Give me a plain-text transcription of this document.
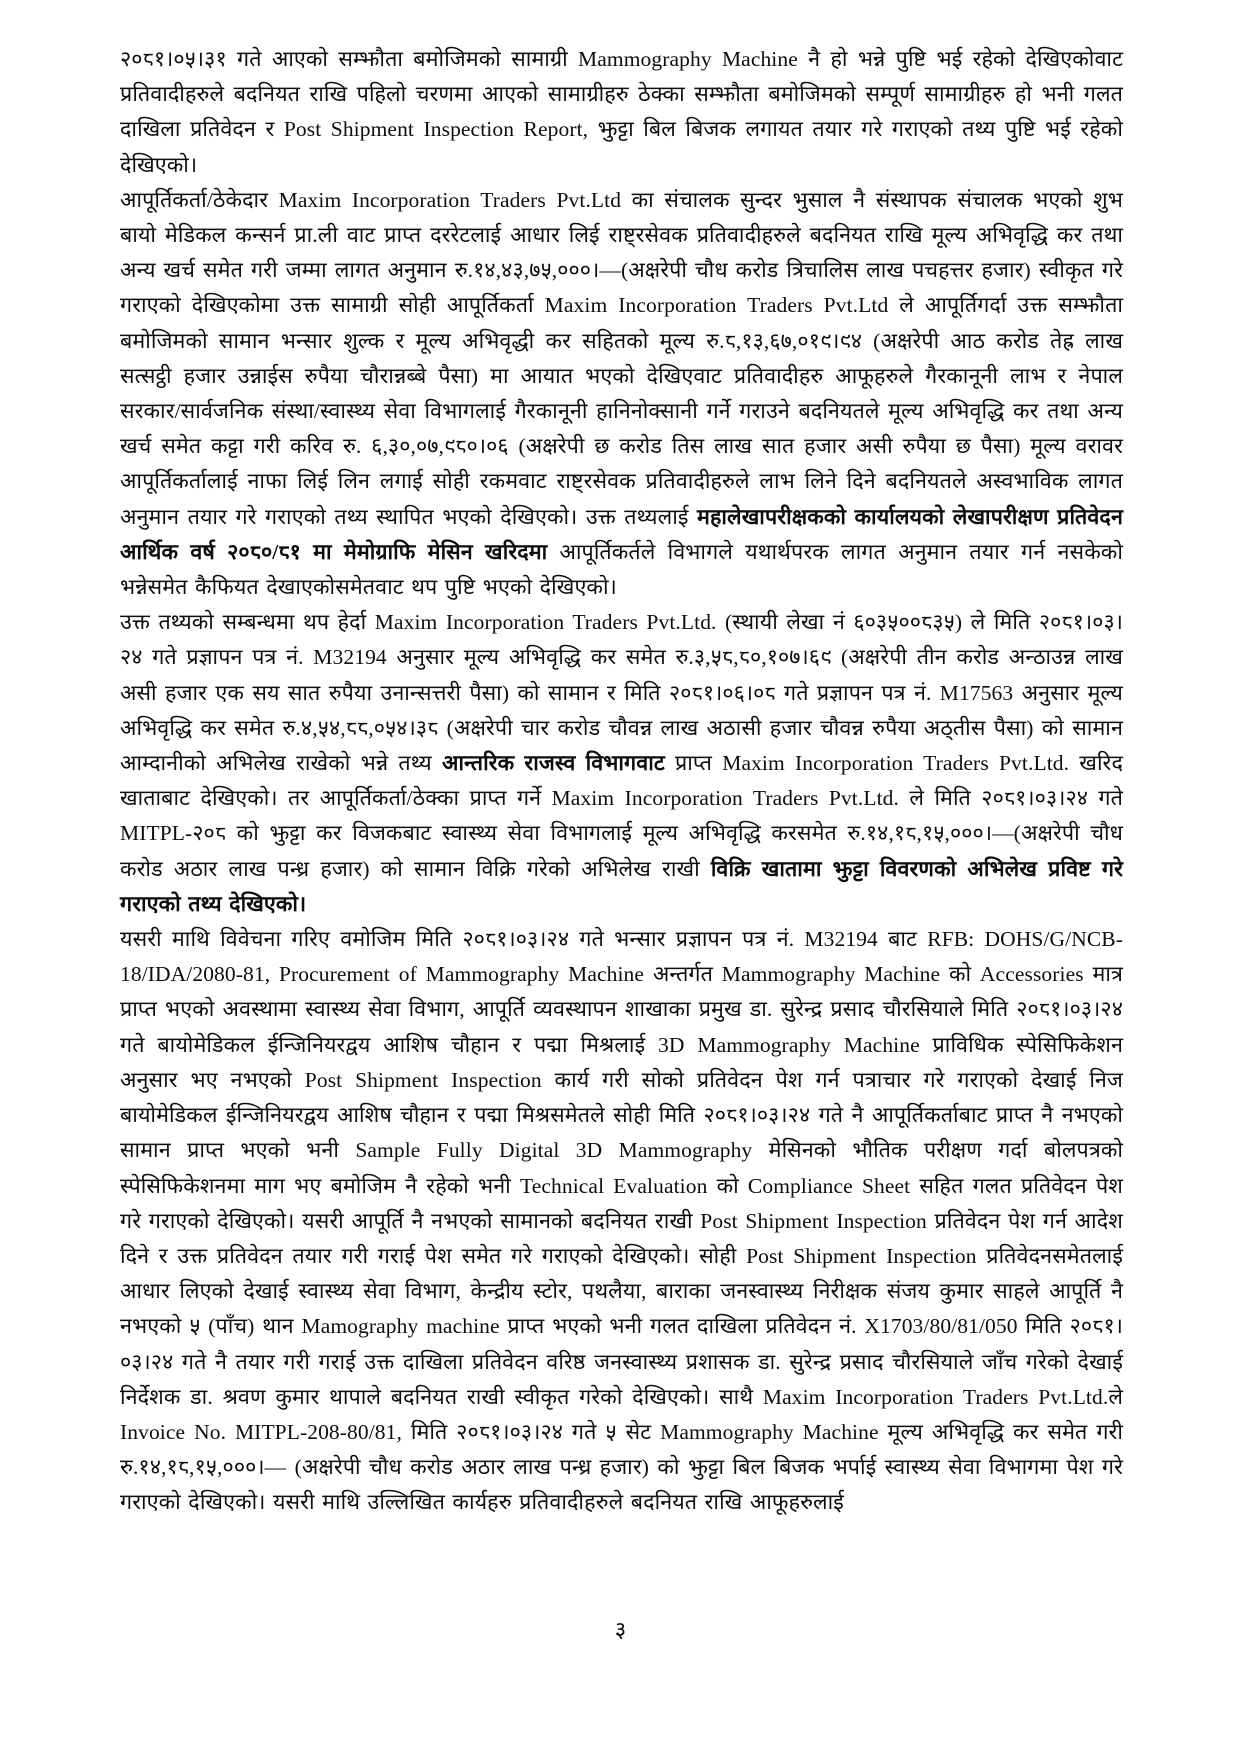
२०८१।०५।३१ गते आएको सम्झौता बमोजिमको सामाग्री Mammography Machine नै हो भन्ने पुष्टि भई रहेको देखिएकोवाट प्रतिवादीहरुले बदनियत राखि पहिलो चरणमा आएको सामाग्रीहरु ठेक्का सम्झौता बमोजिमको सम्पूर्ण सामाग्रीहरु हो भनी गलत दाखिला प्रतिवेदन र Post Shipment Inspection Report, झुट्टा बिल बिजक लगायत तयार गरे गराएको तथ्य पुष्टि भई रहेको देखिएको।

आपूर्तिकर्ता/ठेकेदार Maxim Incorporation Traders Pvt.Ltd का संचालक सुन्दर भुसाल नै संस्थापक संचालक भएको शुभ बायो मेडिकल कन्सर्न प्रा.ली वाट प्राप्त दररेटलाई आधार लिई राष्ट्रसेवक प्रतिवादीहरुले बदनियत राखि मूल्य अभिवृद्धि कर तथा अन्य खर्च समेत गरी जम्मा लागत अनुमान रु.१४,४३,७५,०००।—(अक्षरेपी चौध करोड त्रिचालिस लाख पचहत्तर हजार) स्वीकृत गरे गराएको देखिएकोमा उक्त सामाग्री सोही आपूर्तिकर्ता Maxim Incorporation Traders Pvt.Ltd ले आपूर्तिगर्दा उक्त सम्झौता बमोजिमको सामान भन्सार शुल्क र मूल्य अभिवृद्धी कर सहितको मूल्य रु.८,१३,६७,०१९।९४ (अक्षरेपी आठ करोड तेह्र लाख सत्सट्ठी हजार उन्नाईस रुपैया चौरान्नब्बे पैसा) मा आयात भएको देखिएवाट प्रतिवादीहरु आफूहरुले गैरकानूनी लाभ र नेपाल सरकार/सार्वजनिक संस्था/स्वास्थ्य सेवा विभागलाई गैरकानूनी हानिनोक्सानी गर्ने गराउने बदनियतले मूल्य अभिवृद्धि कर तथा अन्य खर्च समेत कट्टा गरी करिव रु. ६,३०,०७,९८०।०६ (अक्षरेपी छ करोड तिस लाख सात हजार असी रुपैया छ पैसा) मूल्य वरावर आपूर्तिकर्तालाई नाफा लिई लिन लगाई सोही रकमवाट राष्ट्रसेवक प्रतिवादीहरुले लाभ लिने दिने बदनियतले अस्वभाविक लागत अनुमान तयार गरे गराएको तथ्य स्थापित भएको देखिएको। उक्त तथ्यलाई महालेखापरीक्षकको कार्यालयको लेखापरीक्षण प्रतिवेदन आर्थिक वर्ष २०८०/८१ मा मेमोग्राफि मेसिन खरिदमा आपूर्तिकर्तले विभागले यथार्थपरक लागत अनुमान तयार गर्न नसकेको भन्नेसमेत कैफियत देखाएकोसमेतवाट थप पुष्टि भएको देखिएको।

उक्त तथ्यको सम्बन्धमा थप हेर्दा Maxim Incorporation Traders Pvt.Ltd. (स्थायी लेखा नं ६०३५००८३५) ले मिति २०८१।०३।२४ गते प्रज्ञापन पत्र नं. M32194 अनुसार मूल्य अभिवृद्धि कर समेत रु.३,५८,८०,१०७।६९ (अक्षरेपी तीन करोड अन्ठाउन्न लाख असी हजार एक सय सात रुपैया उनान्सत्तरी पैसा) को सामान र मिति २०८१।०६।०८ गते प्रज्ञापन पत्र नं. M17563 अनुसार मूल्य अभिवृद्धि कर समेत रु.४,५४,८८,०५४।३८ (अक्षरेपी चार करोड चौवन्न लाख अठासी हजार चौवन्न रुपैया अठ्तीस पैसा) को सामान आम्दानीको अभिलेख राखेको भन्ने तथ्य आन्तरिक राजस्व विभागवाट प्राप्त Maxim Incorporation Traders Pvt.Ltd. खरिद खाताबाट देखिएको। तर आपूर्तिकर्ता/ठेक्का प्राप्त गर्ने Maxim Incorporation Traders Pvt.Ltd. ले मिति २०८१।०३।२४ गते MITPL-२०८ को झुट्टा कर विजकबाट स्वास्थ्य सेवा विभागलाई मूल्य अभिवृद्धि करसमेत रु.१४,१८,१५,०००।—(अक्षरेपी चौध करोड अठार लाख पन्ध्र हजार) को सामान विक्रि गरेको अभिलेख राखी विक्रि खातामा झुट्टा विवरणको अभिलेख प्रविष्ट गरे गराएको तथ्य देखिएको।

यसरी माथि विवेचना गरिए वमोजिम मिति २०८१।०३।२४ गते भन्सार प्रज्ञापन पत्र नं. M32194 बाट RFB: DOHS/G/NCB-18/IDA/2080-81, Procurement of Mammography Machine अन्तर्गत Mammography Machine को Accessories मात्र प्राप्त भएको अवस्थामा स्वास्थ्य सेवा विभाग, आपूर्ति व्यवस्थापन शाखाका प्रमुख डा. सुरेन्द्र प्रसाद चौरसियाले मिति २०८१।०३।२४ गते बायोमेडिकल ईन्जिनियरद्वय आशिष चौहान र पद्मा मिश्रलाई 3D Mammography Machine प्राविधिक स्पेसिफिकेशन अनुसार भए नभएको Post Shipment Inspection कार्य गरी सोको प्रतिवेदन पेश गर्न पत्राचार गरे गराएको देखाई निज बायोमेडिकल ईन्जिनियरद्वय आशिष चौहान र पद्मा मिश्रसमेतले सोही मिति २०८१।०३।२४ गते नै आपूर्तिकर्ताबाट प्राप्त नै नभएको सामान प्राप्त भएको भनी Sample Fully Digital 3D Mammography मेसिनको भौतिक परीक्षण गर्दा बोलपत्रको स्पेसिफिकेशनमा माग भए बमोजिम नै रहेको भनी Technical Evaluation को Compliance Sheet सहित गलत प्रतिवेदन पेश गरे गराएको देखिएको। यसरी आपूर्ति नै नभएको सामानको बदनियत राखी Post Shipment Inspection प्रतिवेदन पेश गर्न आदेश दिने र उक्त प्रतिवेदन तयार गरी गराई पेश समेत गरे गराएको देखिएको। सोही Post Shipment Inspection प्रतिवेदनसमेतलाई आधार लिएको देखाई स्वास्थ्य सेवा विभाग, केन्द्रीय स्टोर, पथलैया, बाराका जनस्वास्थ्य निरीक्षक संजय कुमार साहले आपूर्ति नै नभएको ५ (पाँच) थान Mamography machine प्राप्त भएको भनी गलत दाखिला प्रतिवेदन नं. X1703/80/81/050 मिति २०८१।०३।२४ गते नै तयार गरी गराई उक्त दाखिला प्रतिवेदन वरिष्ठ जनस्वास्थ्य प्रशासक डा. सुरेन्द्र प्रसाद चौरसियाले जाँच गरेको देखाई निर्देशक डा. श्रवण कुमार थापाले बदनियत राखी स्वीकृत गरेको देखिएको। साथै Maxim Incorporation Traders Pvt.Ltd.ले Invoice No. MITPL-208-80/81, मिति २०८१।०३।२४ गते ५ सेट Mammography Machine मूल्य अभिवृद्धि कर समेत गरी रु.१४,१८,१५,०००।— (अक्षरेपी चौध करोड अठार लाख पन्ध्र हजार) को झुट्टा बिल बिजक भर्पाई स्वास्थ्य सेवा विभागमा पेश गरे गराएको देखिएको। यसरी माथि उल्लिखित कार्यहरु प्रतिवादीहरुले बदनियत राखि आफूहरुलाई

३
